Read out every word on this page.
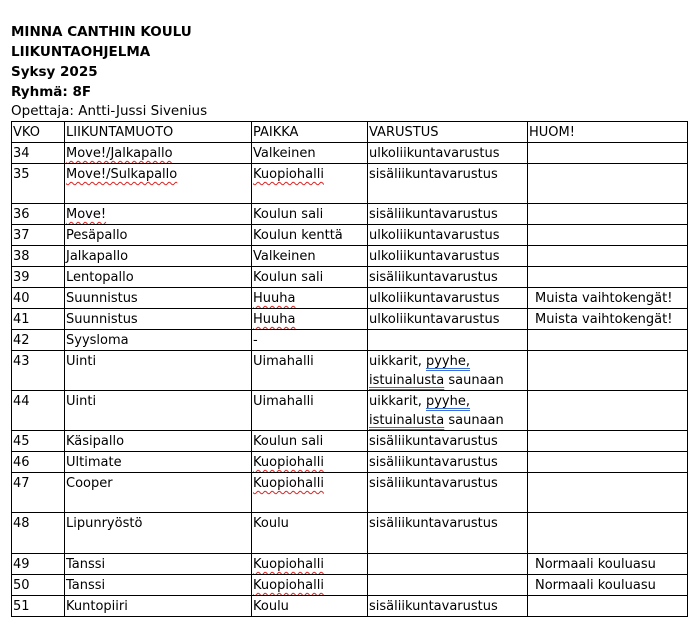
MINNA CANTHIN KOULU
LIIKUNTAOHJELMA
Syksy 2025
Ryhmä: 8F
Opettaja: Antti-Jussi Sivenius
VKO	LIIKUNTAMUOTO	PAIKKA	VARUSTUS	HUOM!
34	Move!/Jalkapallo	Valkeinen	ulkoliikuntavarustus	
35	Move!/Sulkapallo	Kuopiohalli	sisäliikuntavarustus	
36	Move!	Koulun sali	sisäliikuntavarustus	
37	Pesäpallo	Koulun kenttä	ulkoliikuntavarustus	
38	Jalkapallo	Valkeinen	ulkoliikuntavarustus	
39	Lentopallo	Koulun sali	sisäliikuntavarustus	
40	Suunnistus	Huuha	ulkoliikuntavarustus	Muista vaihtokengät!
41	Suunnistus	Huuha	ulkoliikuntavarustus	Muista vaihtokengät!
42	Syysloma	-		
43	Uinti	Uimahalli	uikkarit, pyyhe,
istuinalusta saunaan	
44	Uinti	Uimahalli	uikkarit, pyyhe,
istuinalusta saunaan	
45	Käsipallo	Koulun sali	sisäliikuntavarustus	
46	Ultimate	Kuopiohalli	sisäliikuntavarustus	
47	Cooper	Kuopiohalli	sisäliikuntavarustus	
48	Lipunryöstö	Koulu	sisäliikuntavarustus	
49	Tanssi	Kuopiohalli		Normaali kouluasu
50	Tanssi	Kuopiohalli		Normaali kouluasu
51	Kuntopiiri	Koulu	sisäliikuntavarustus	
